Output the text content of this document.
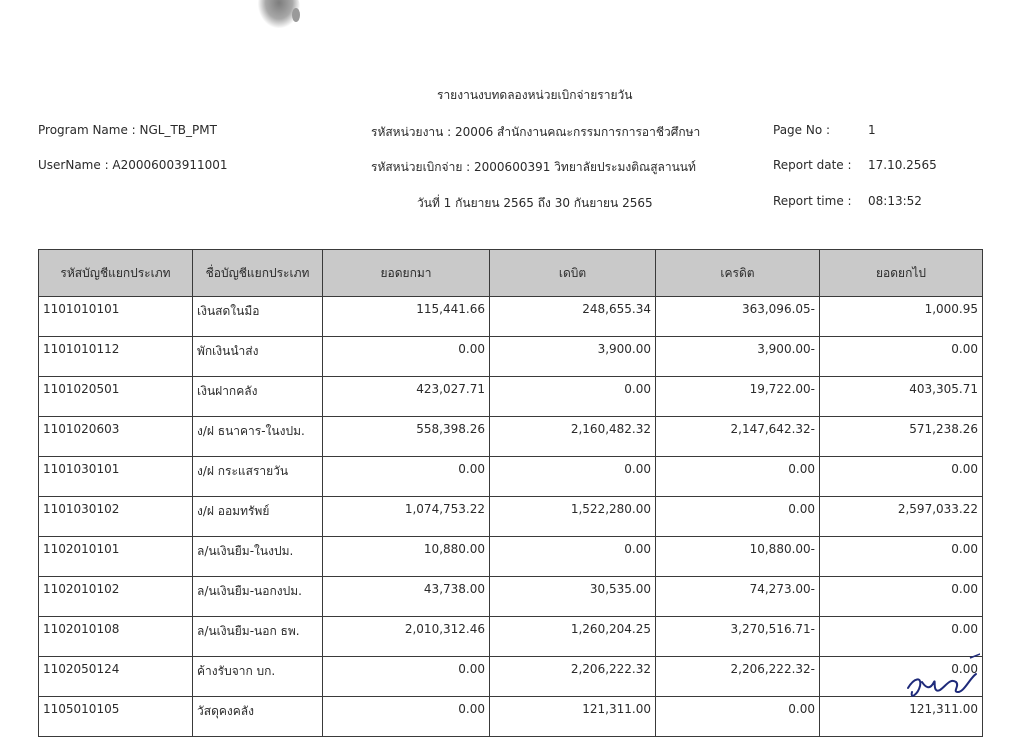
รายงานงบทดลองหน่วยเบิกจ่ายรายวัน
Program Name : NGL_TB_PMT	รหัสหน่วยงาน : 20006 สำนักงานคณะกรรมการการอาชีวศึกษา	Page No :	1
UserName : A20006003911001	รหัสหน่วยเบิกจ่าย : 2000600391 วิทยาลัยประมงติณสูลานนท์	Report date : 17.10.2565
วันที่ 1 กันยายน 2565 ถึง 30 กันยายน 2565	Report time : 08:13:52
รหัสบัญชีแยกประเภท	ชื่อบัญชีแยกประเภท	ยอดยกมา	เดบิต	เครดิต	ยอดยกไป
1101010101	เงินสดในมือ	115,441.66	248,655.34	363,096.05-	1,000.95
1101010112	พักเงินนำส่ง	0.00	3,900.00	3,900.00-	0.00
1101020501	เงินฝากคลัง	423,027.71	0.00	19,722.00-	403,305.71
1101020603	ง/ฝ ธนาคาร-ในงปม.	558,398.26	2,160,482.32	2,147,642.32-	571,238.26
1101030101	ง/ฝ กระแสรายวัน	0.00	0.00	0.00	0.00
1101030102	ง/ฝ ออมทรัพย์	1,074,753.22	1,522,280.00	0.00	2,597,033.22
1102010101	ล/นเงินยืม-ในงปม.	10,880.00	0.00	10,880.00-	0.00
1102010102	ล/นเงินยืม-นอกงปม.	43,738.00	30,535.00	74,273.00-	0.00
1102010108	ล/นเงินยืม-นอก ธพ.	2,010,312.46	1,260,204.25	3,270,516.71-	0.00
1102050124	ค้างรับจาก บก.	0.00	2,206,222.32	2,206,222.32-	0.00
1105010105	วัสดุคงคลัง	0.00	121,311.00	0.00	121,311.00
